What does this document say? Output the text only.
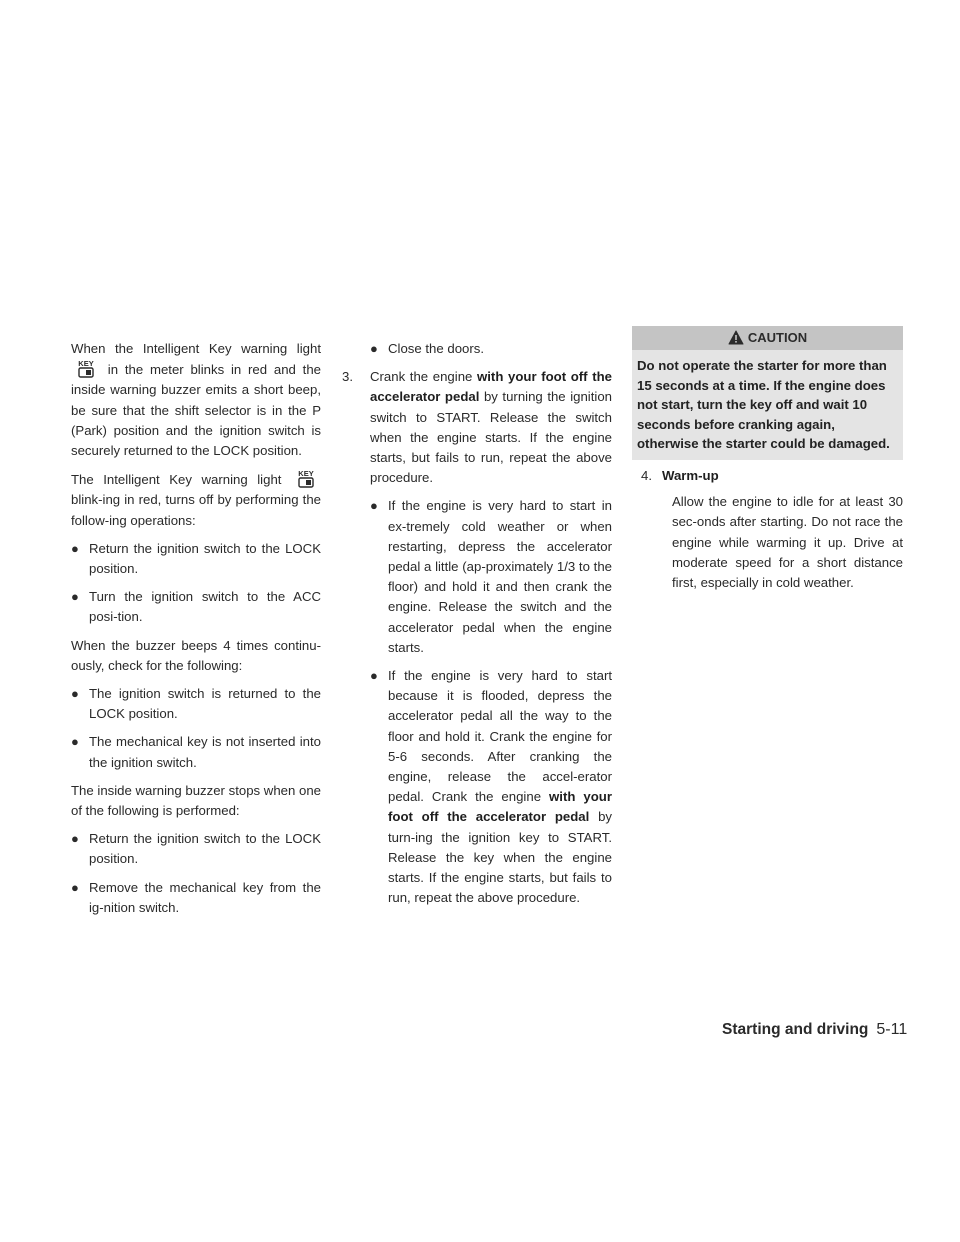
When the Intelligent Key warning light
KEY in the meter blinks in red and the inside warning buzzer emits a short beep, be sure that the shift selector is in the P (Park) position and the ignition switch is securely returned to the LOCK position.

The Intelligent Key warning light KEY
blink-ing in red, turns off by performing the follow-ing operations:

● Return the ignition switch to the LOCK position.
● Turn the ignition switch to the ACC posi-tion.

When the buzzer beeps 4 times continu-ously, check for the following:

● The ignition switch is returned to the LOCK position.
● The mechanical key is not inserted into the ignition switch.

The inside warning buzzer stops when one of the following is performed:

● Return the ignition switch to the LOCK position.
● Remove the mechanical key from the ig-nition switch.
● Close the doors.
3. Crank the engine with your foot off the accelerator pedal by turning the ignition switch to START. Release the switch when the engine starts. If the engine starts, but fails to run, repeat the above procedure.
● If the engine is very hard to start in ex-tremely cold weather or when restarting, depress the accelerator pedal a little (ap-proximately 1/3 to the floor) and hold it and then crank the engine. Release the switch and the accelerator pedal when the engine starts.
● If the engine is very hard to start because it is flooded, depress the accelerator pedal all the way to the floor and hold it. Crank the engine for 5-6 seconds. After cranking the engine, release the accel-erator pedal. Crank the engine with your foot off the accelerator pedal by turn-ing the ignition key to START. Release the key when the engine starts. If the engine starts, but fails to run, repeat the above procedure.
CAUTION
Do not operate the starter for more than 15 seconds at a time. If the engine does not start, turn the key off and wait 10 seconds before cranking again, otherwise the starter could be damaged.
4. Warm-up

Allow the engine to idle for at least 30 sec-onds after starting. Do not race the engine while warming it up. Drive at moderate speed for a short distance first, especially in cold weather.

Starting and driving 5-11
